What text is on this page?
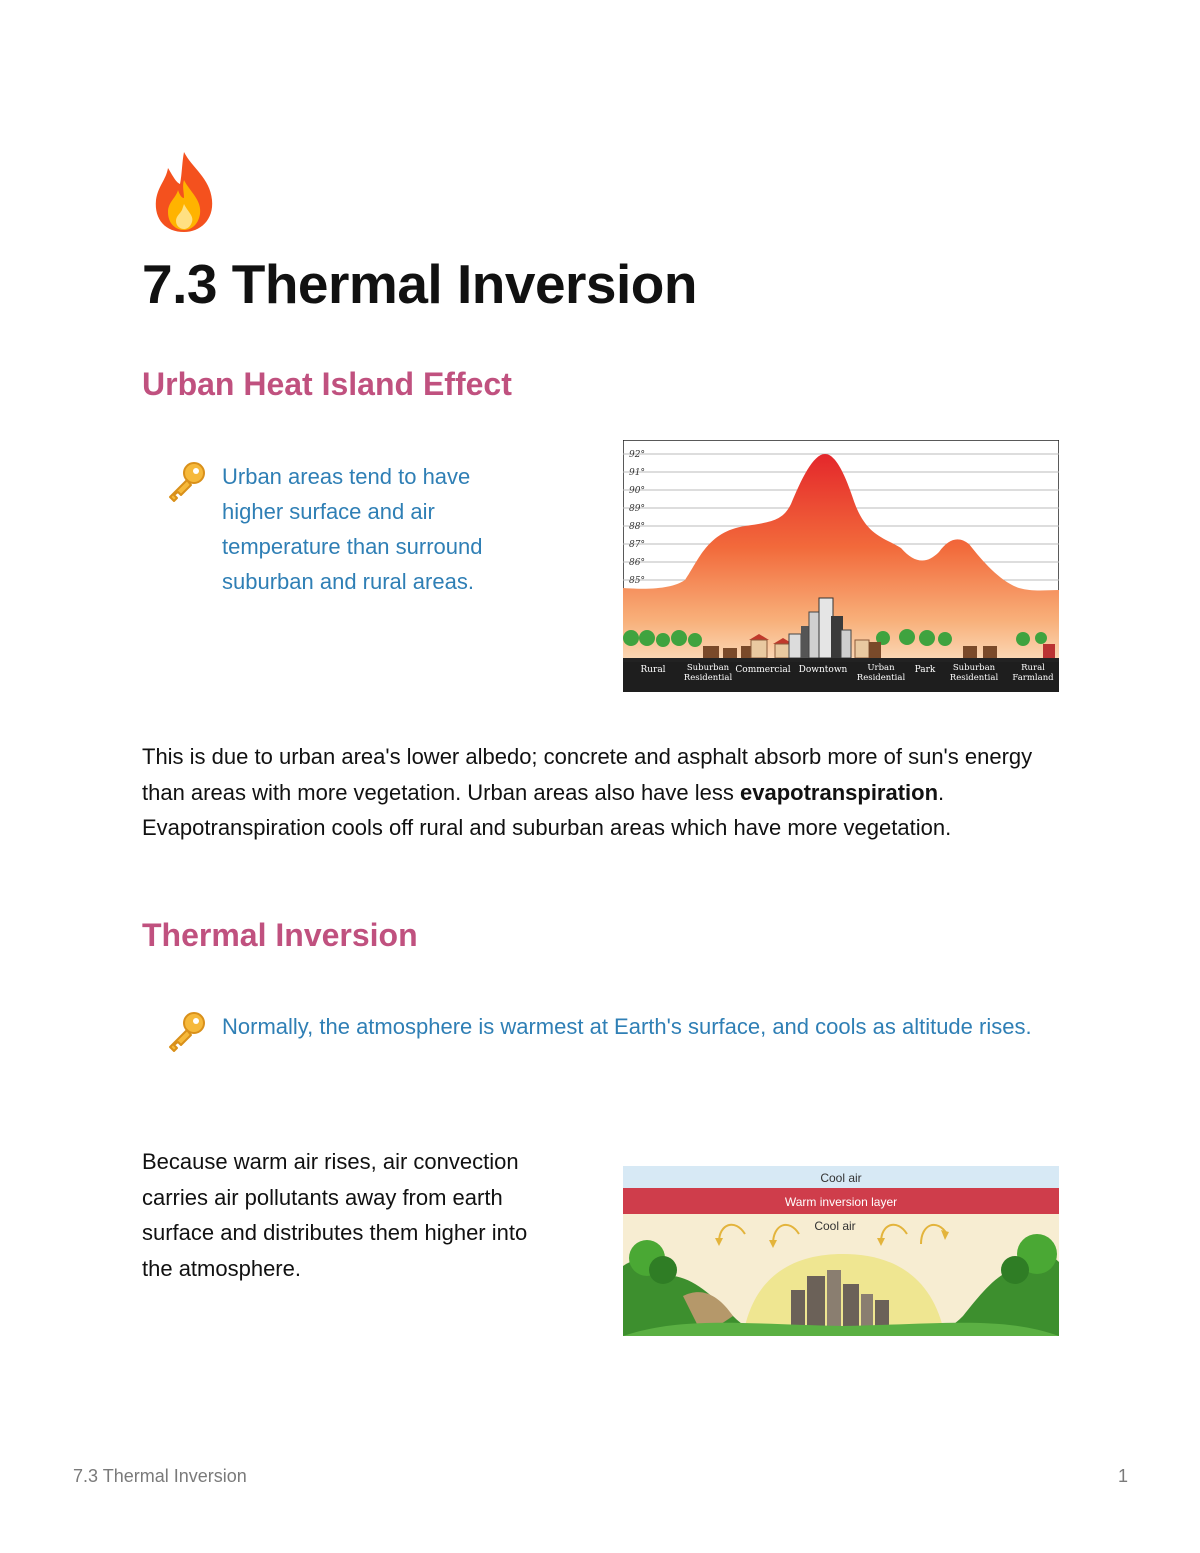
7.3 Thermal Inversion
Urban Heat Island Effect

Urban areas tend to have higher surface and air temperature than surround suburban and rural areas.

92°
91°
90°
89°
88°
87°
86°
85°
Rural	Suburban Residential
Commercial Downtown	Urban Residential
Park	Suburban Residential
Rural Farmland

This is due to urban area's lower albedo; concrete and asphalt absorb more of sun's energy than areas with more vegetation. Urban areas also have less evapotranspiration. Evapotranspiration cools off rural and suburban areas which have more vegetation.

Thermal Inversion

Normally, the atmosphere is warmest at Earth's surface, and cools as altitude rises.

Because warm air rises, air convection carries air pollutants away from earth surface and distributes them higher into the atmosphere.

Cool air
Warm inversion layer
Cool air
7.3 Thermal Inversion	1
